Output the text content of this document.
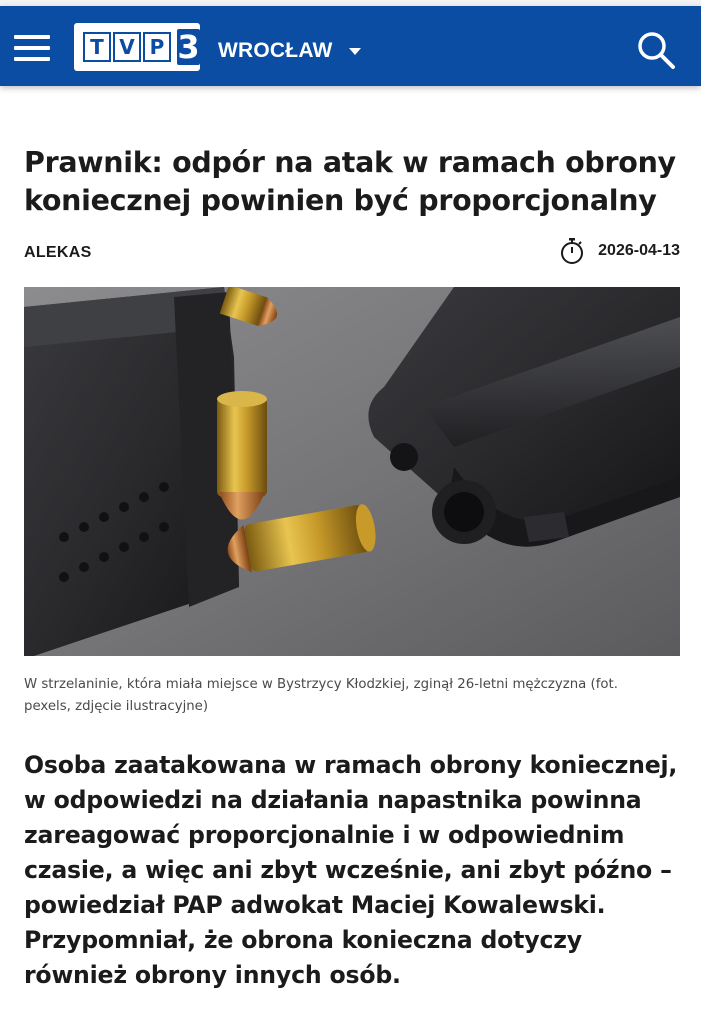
T V P 3 WROCŁAW
Prawnik: odpór na atak w ramach obrony koniecznej powinien być proporcjonalny
ALEKAS	2026-04-13
W strzelaninie, która miała miejsce w Bystrzycy Kłodzkiej, zginął 26-letni mężczyzna (fot. pexels, zdjęcie ilustracyjne)

Osoba zaatakowana w ramach obrony koniecznej, w odpowiedzi na działania napastnika powinna zareagować proporcjonalnie i w odpowiednim czasie, a więc ani zbyt wcześnie, ani zbyt późno – powiedział PAP adwokat Maciej Kowalewski. Przypomniał, że obrona konieczna dotyczy również obrony innych osób.
